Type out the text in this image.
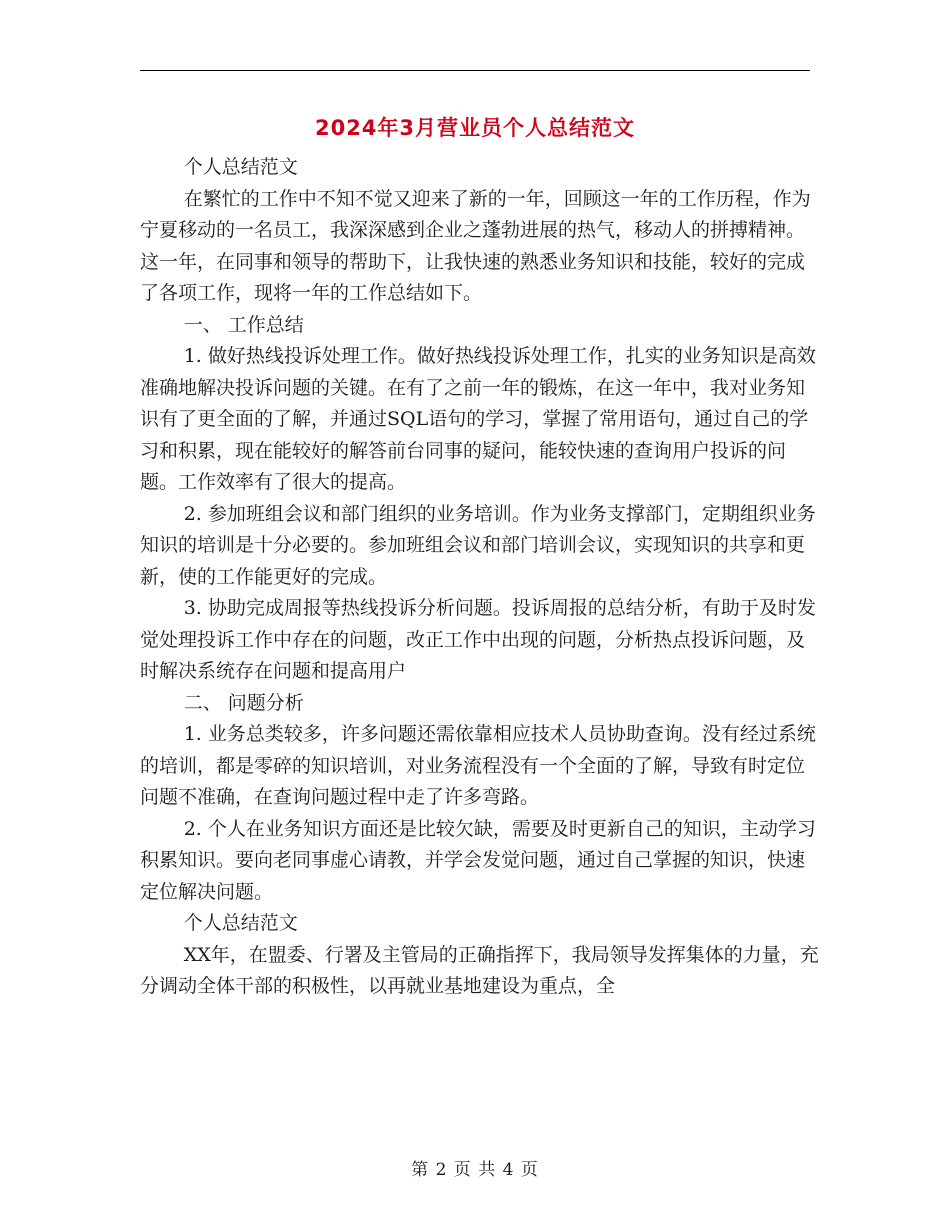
2024年3月营业员个人总结范文

个人总结范文

在繁忙的工作中不知不觉又迎来了新的一年，回顾这一年的工作历程，作为宁夏移动的一名员工，我深深感到企业之蓬勃进展的热气，移动人的拼搏精神。这一年，在同事和领导的帮助下，让我快速的熟悉业务知识和技能，较好的完成了各项工作，现将一年的工作总结如下。

一、 工作总结

1. 做好热线投诉处理工作。做好热线投诉处理工作，扎实的业务知识是高效准确地解决投诉问题的关键。在有了之前一年的锻炼，在这一年中，我对业务知识有了更全面的了解，并通过SQL语句的学习，掌握了常用语句，通过自己的学习和积累，现在能较好的解答前台同事的疑问，能较快速的查询用户投诉的问题。工作效率有了很大的提高。

2. 参加班组会议和部门组织的业务培训。作为业务支撑部门，定期组织业务知识的培训是十分必要的。参加班组会议和部门培训会议，实现知识的共享和更新，使的工作能更好的完成。

3. 协助完成周报等热线投诉分析问题。投诉周报的总结分析，有助于及时发觉处理投诉工作中存在的问题，改正工作中出现的问题，分析热点投诉问题，及时解决系统存在问题和提高用户

二、 问题分析

1. 业务总类较多，许多问题还需依靠相应技术人员协助查询。没有经过系统的培训，都是零碎的知识培训，对业务流程没有一个全面的了解，导致有时定位问题不准确，在查询问题过程中走了许多弯路。

2. 个人在业务知识方面还是比较欠缺，需要及时更新自己的知识，主动学习积累知识。要向老同事虚心请教，并学会发觉问题，通过自己掌握的知识，快速定位解决问题。

个人总结范文

XX年，在盟委、行署及主管局的正确指挥下，我局领导发挥集体的力量，充分调动全体干部的积极性，以再就业基地建设为重点，全

第 2 页 共 4 页
